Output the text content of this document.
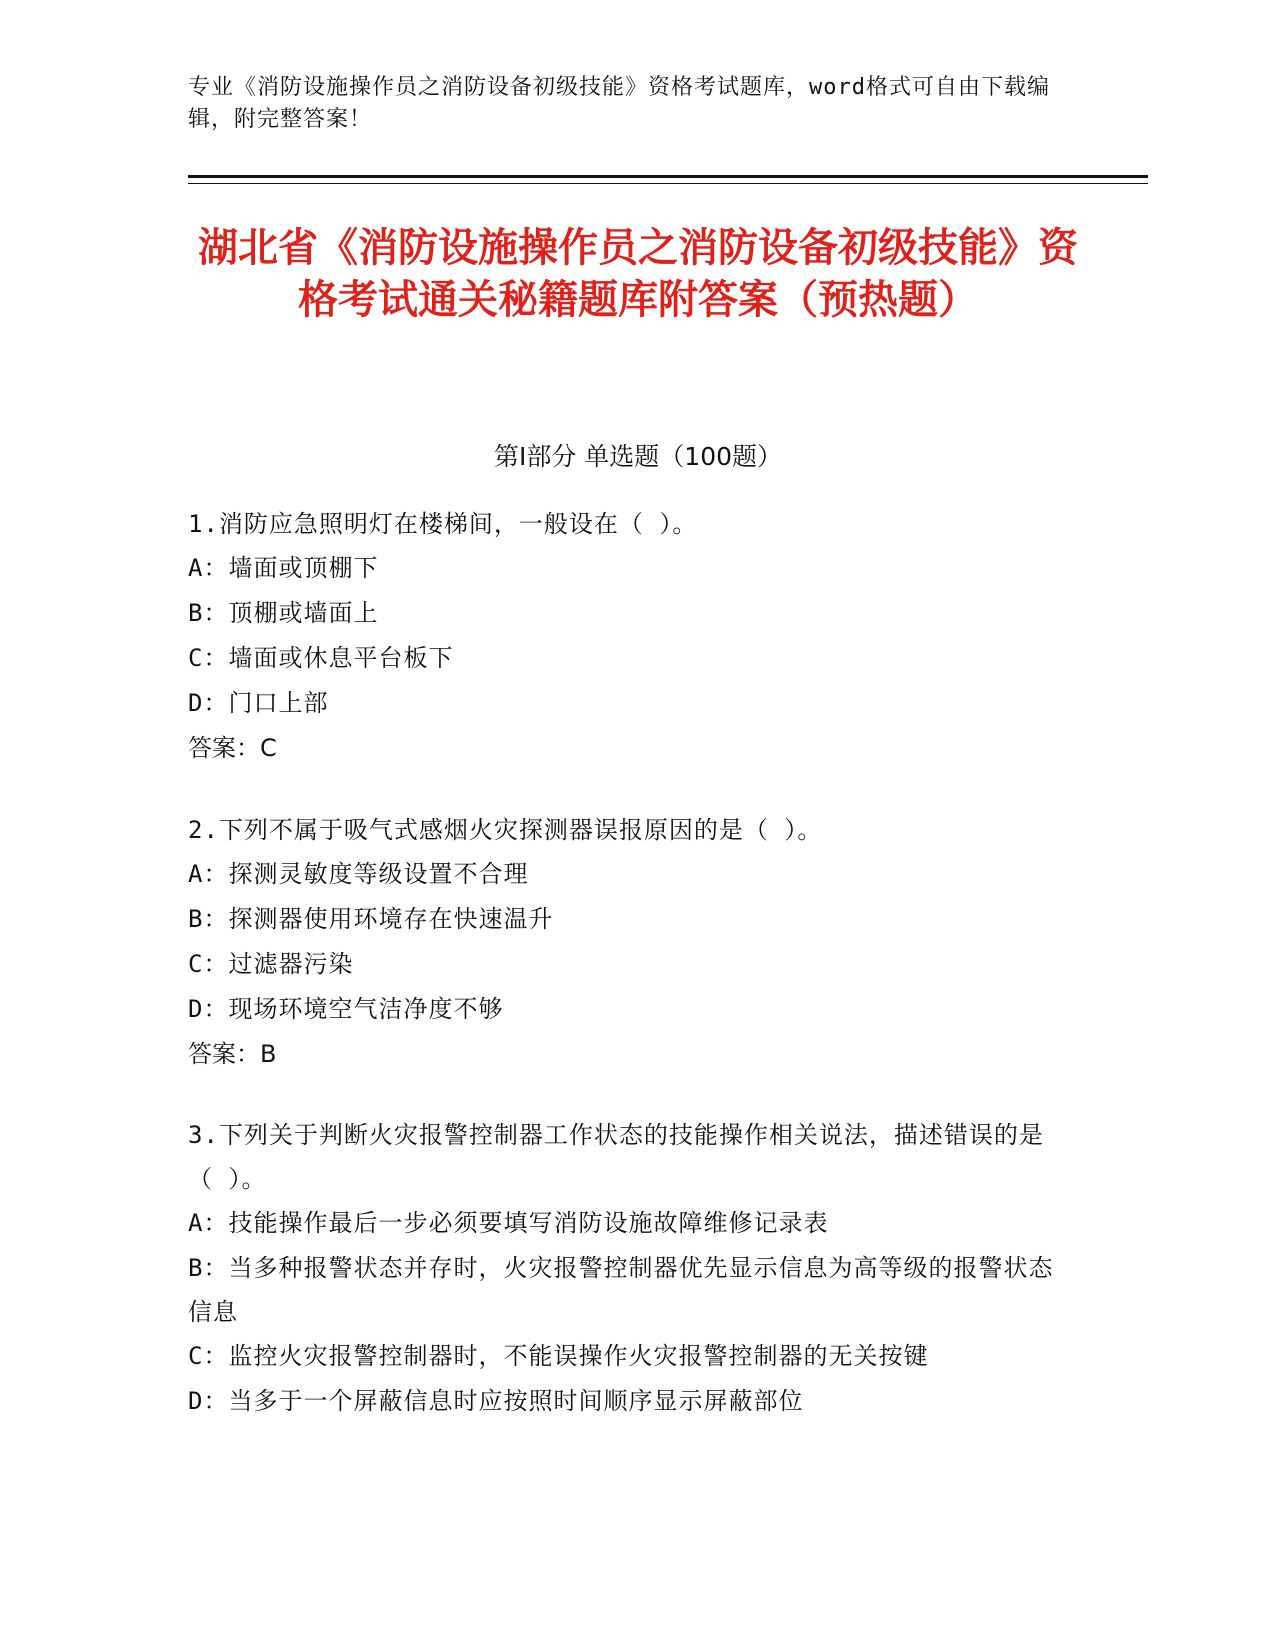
专业《消防设施操作员之消防设备初级技能》资格考试题库，word格式可自由下载编辑，附完整答案！
湖北省《消防设施操作员之消防设备初级技能》资格考试通关秘籍题库附答案（预热题）
第Ⅰ部分 单选题（100题）
1.消防应急照明灯在楼梯间，一般设在（ ）。
A：墙面或顶棚下
B：顶棚或墙面上
C：墙面或休息平台板下
D：门口上部
答案：C
2.下列不属于吸气式感烟火灾探测器误报原因的是（ ）。
A：探测灵敏度等级设置不合理
B：探测器使用环境存在快速温升
C：过滤器污染
D：现场环境空气洁净度不够
答案：B
3.下列关于判断火灾报警控制器工作状态的技能操作相关说法，描述错误的是（ ）。
A：技能操作最后一步必须要填写消防设施故障维修记录表
B：当多种报警状态并存时，火灾报警控制器优先显示信息为高等级的报警状态信息
C：监控火灾报警控制器时，不能误操作火灾报警控制器的无关按键
D：当多于一个屏蔽信息时应按照时间顺序显示屏蔽部位
